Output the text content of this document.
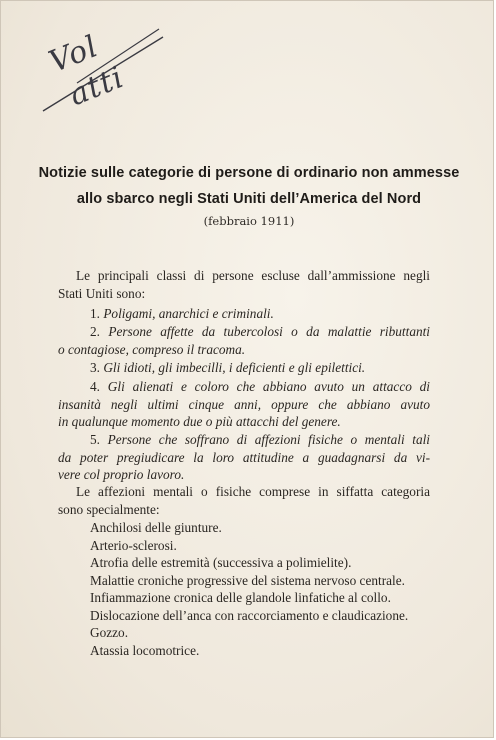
Vol
atti
Notizie sulle categorie di persone di ordinario non ammesse
allo sbarco negli Stati Uniti dell’America del Nord
(febbraio 1911)
Le principali classi di persone escluse dall’ammissione negli
Stati Uniti sono:
1. Poligami, anarchici e criminali.
2. Persone affette da tubercolosi o da malattie ributtanti
o contagiose, compreso il tracoma.
3. Gli idioti, gli imbecilli, i deficienti e gli epilettici.
4. Gli alienati e coloro che abbiano avuto un attacco di
insanità negli ultimi cinque anni, oppure che abbiano avuto
in qualunque momento due o più attacchi del genere.
5. Persone che soffrano di affezioni fisiche o mentali tali
da poter pregiudicare la loro attitudine a guadagnarsi da vi-
vere col proprio lavoro.
Le affezioni mentali o fisiche comprese in siffatta categoria
sono specialmente:
Anchilosi delle giunture.
Arterio-sclerosi.
Atrofia delle estremità (successiva a polimielite).
Malattie croniche progressive del sistema nervoso centrale.
Infiammazione cronica delle glandole linfatiche al collo.
Dislocazione dell’anca con raccorciamento e claudicazione.
Gozzo.
Atassia locomotrice.
